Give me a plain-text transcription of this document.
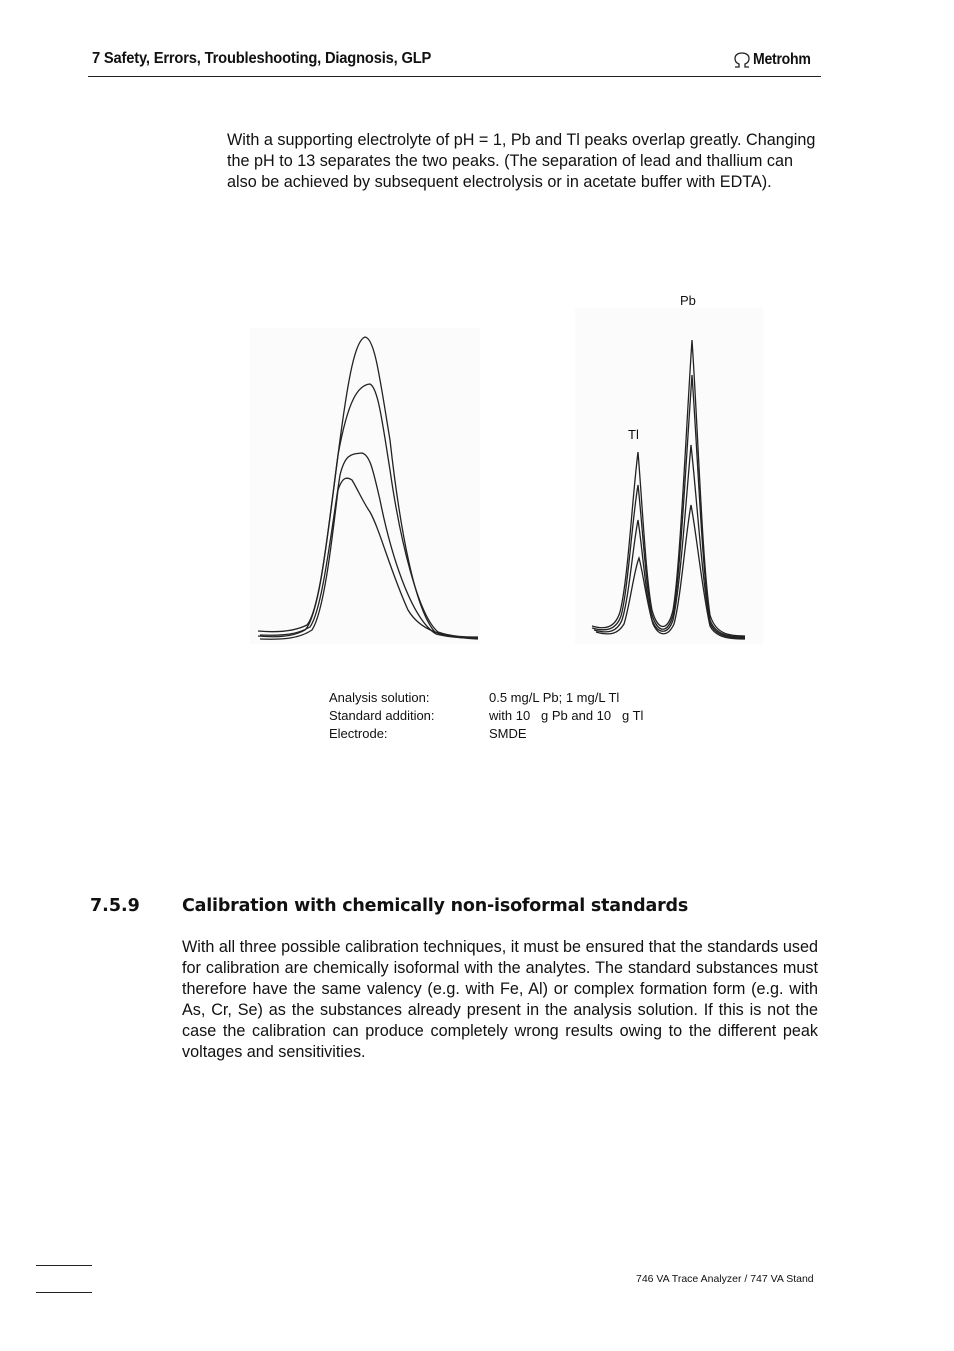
7 Safety, Errors, Troubleshooting, Diagnosis, GLP	Metrohm

With a supporting electrolyte of pH = 1, Pb and Tl peaks overlap greatly. Changing the pH to 13 separates the two peaks. (The separation of lead and thallium can also be achieved by subsequent electrolysis or in acetate buffer with EDTA).

Pb
Tl
Analysis solution:	0.5 mg/L Pb; 1 mg/L Tl
Standard addition:	with 10   g Pb and 10   g Tl
Electrode:	SMDE
7.5.9 Calibration with chemically non-isoformal standards

With all three possible calibration techniques, it must be ensured that the standards used for calibration are chemically isoformal with the analytes. The standard substances must therefore have the same valency (e.g. with Fe, Al) or complex formation form (e.g. with As, Cr, Se) as the substances already present in the analysis solution. If this is not the case the calibration can produce completely wrong results owing to the different peak voltages and sensitivities.

746 VA Trace Analyzer / 747 VA Stand
